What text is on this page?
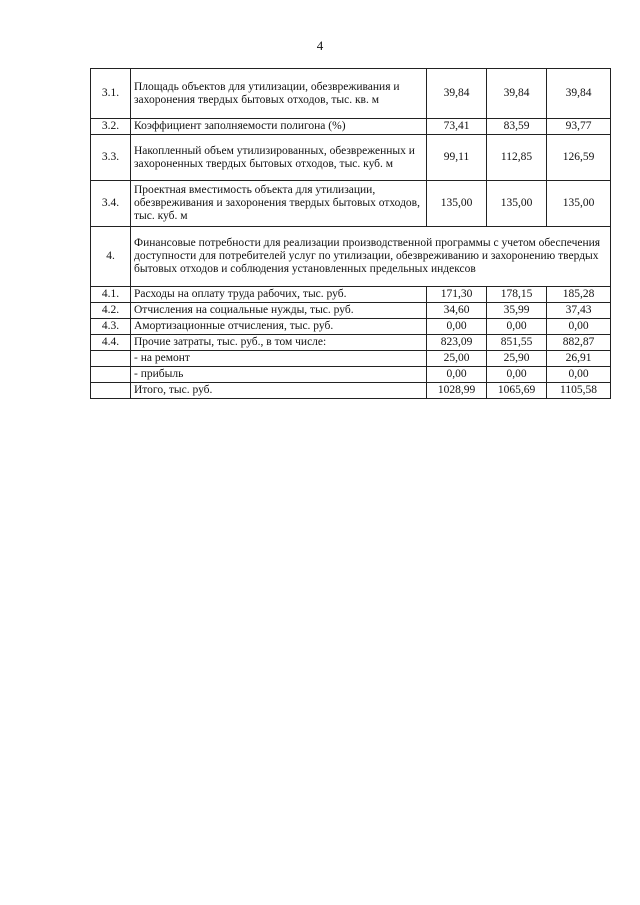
4
3.1.	Площадь объектов для утилизации, обезвреживания и захоронения твердых бытовых отходов, тыс. кв. м	39,84	39,84	39,84
3.2.	Коэффициент заполняемости полигона (%)	73,41	83,59	93,77
3.3.	Накопленный объем утилизированных, обезвреженных и захороненных твердых бытовых отходов, тыс. куб. м	99,11	112,85	126,59
3.4.	Проектная вместимость объекта для утилизации, обезвреживания и захоронения твердых бытовых отходов, тыс. куб. м	135,00	135,00	135,00
4.	Финансовые потребности для реализации производственной программы с учетом обеспечения доступности для потребителей услуг по утилизации, обезвреживанию и захоронению твердых бытовых отходов и соблюдения установленных предельных индексов			
4.1.	Расходы на оплату труда рабочих, тыс. руб.	171,30	178,15	185,28
4.2.	Отчисления на социальные нужды, тыс. руб.	34,60	35,99	37,43
4.3.	Амортизационные отчисления, тыс. руб.	0,00	0,00	0,00
4.4.	Прочие затраты, тыс. руб., в том числе:	823,09	851,55	882,87
	- на ремонт	25,00	25,90	26,91
	- прибыль	0,00	0,00	0,00
	Итого, тыс. руб.	1028,99	1065,69	1105,58
